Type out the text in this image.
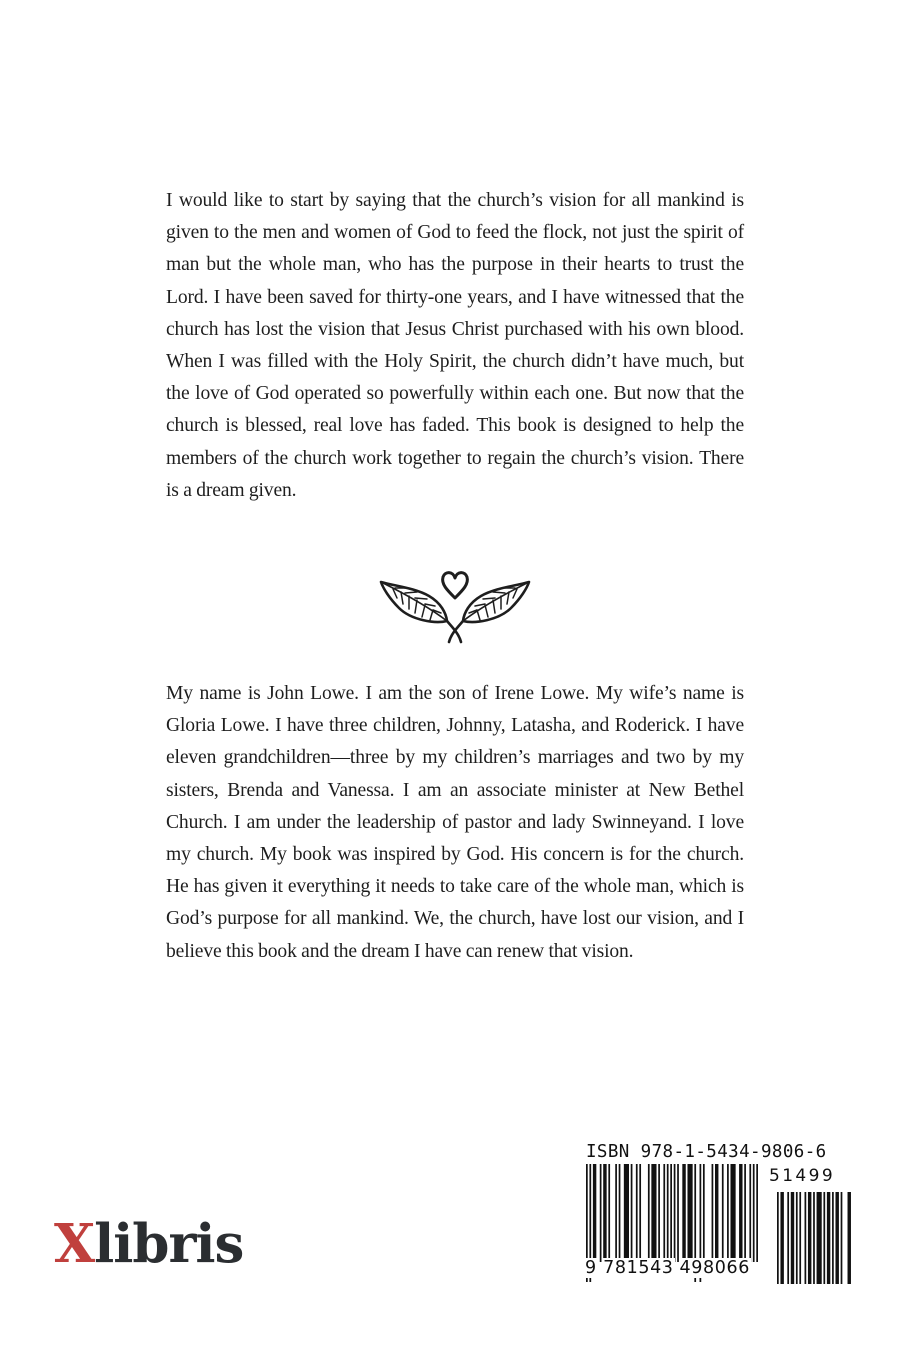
I would like to start by saying that the church’s vision for all mankind is given to the men and women of God to feed the flock, not just the spirit of man but the whole man, who has the purpose in their hearts to trust the Lord. I have been saved for thirty-one years, and I have witnessed that the church has lost the vision that Jesus Christ purchased with his own blood. When I was filled with the Holy Spirit, the church didn’t have much, but the love of God operated so powerfully within each one. But now that the church is blessed, real love has faded. This book is designed to help the members of the church work together to regain the church’s vision. There is a dream given.

My name is John Lowe. I am the son of Irene Lowe. My wife’s name is Gloria Lowe. I have three children, Johnny, Latasha, and Roderick. I have eleven grandchildren—three by my children’s marriages and two by my sisters, Brenda and Vanessa. I am an associate minister at New Bethel Church. I am under the leadership of pastor and lady Swinneyand. I love my church. My book was inspired by God. His concern is for the church. He has given it everything it needs to take care of the whole man, which is God’s purpose for all mankind. We, the church, have lost our vision, and I believe this book and the dream I have can renew that vision.

Xlibris
ISBN 978-1-5434-9806-6
51499
9 781543 498066
